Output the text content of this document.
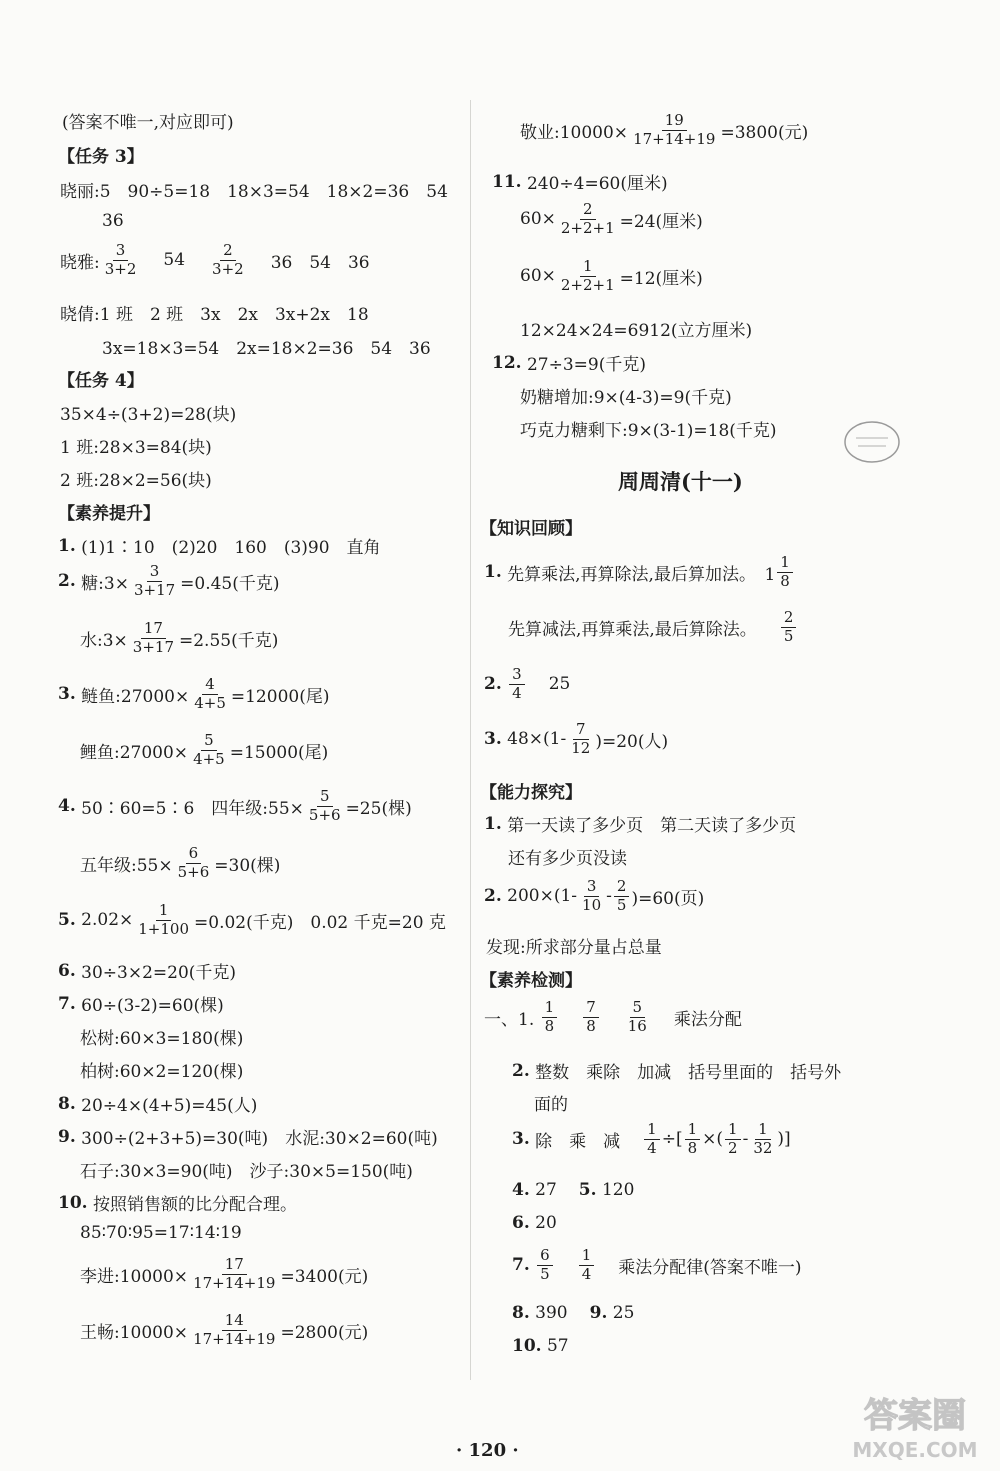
(答案不唯一,对应即可)
【任务 3】
晓丽:5　90÷5=18　18×3=54　18×2=36　54
36
晓雅:
3
3+2 54
2
3+2 36　54　36
晓倩:1 班　2 班　3x　2x　3x+2x　18
3x=18×3=54　2x=18×2=36　54　36
【任务 4】
35×4÷(3+2)=28(块)
1 班:28×3=84(块)
2 班:28×2=56(块)
【素养提升】
1.
(1)1∶10　(2)20　160　(3)90　直角
2.
糖:3× $\frac{3}{3+17} =0.45$(千克)
水:3× $\frac{17}{3+17} =2.55$(千克)
3.
鲢鱼:27000× $\frac{4}{4+5} =12000$(尾)
鲤鱼:27000× $\frac{5}{4+5} =15000$(尾)
4.
50∶60=5∶6　四年级:55× $\frac{5}{5+6} =25$(棵)
五年级:55× $\frac{6}{5+6} =30$(棵)
5.
$2.02\times \frac{1}{1+100} =0.02$(千克)　0.02 千克=20 克
6.
30÷3×2=20(千克)
7.
60÷(3-2)=60(棵)
松树:60×3=180(棵)
柏树:60×2=120(棵)
8.
20÷4×(4+5)=45(人)
9.
300÷(2+3+5)=30(吨)　水泥:30×2=60(吨)
石子:30×3=90(吨)　沙子:30×5=150(吨)
10.
按照销售额的比分配合理。
85∶70∶95=17∶14∶19
李进:10000× $\frac{17}{17+14+19} =3400$(元)
王畅:10000× $\frac{14}{17+14+19} =2800$(元)
敬业:10000× $\frac{19}{17+14+19} =3800$(元)
11.
240÷4=60(厘米)
$60\times \frac{2}{2+2+1} =24$(厘米)
$60\times \frac{1}{2+2+1} =12$(厘米)
12×24×24=6912(立方厘米)
12.
27÷3=9(千克)
奶糖增加:9×(4-3)=9(千克)
巧克力糖剩下:9×(3-1)=18(千克)
周周清(十一)
【知识回顾】
1.
先算乘法,再算除法,最后算加法。　1
1
8
先算减法,再算乘法,最后算除法。
2
5
2.

3
4 25
3.
48×(1-
7
12 )=20(人)
【能力探究】
1.
第一天读了多少页　第二天读了多少页
还有多少页没读
2.
200×(1-
3
10 -
2
5 )=60(页)
发现:所求部分量占总量
【素养检测】
一、1.

1
8
7
8
5
16 乘法分配
2.
整数　乘除　加减　括号里面的　括号外
面的
3.
除　乘　减 $\frac{1}{4}$ ÷[ $\frac{1}{8}$ ×(
1
2 -
1
32 )]
4.
27 5.
120
6.
20
7.

6
5
1
4 乘法分配律(答案不唯一)
8.
390 9.
25
10.
57
· 120 ·
答案圈
MXQE.COM
